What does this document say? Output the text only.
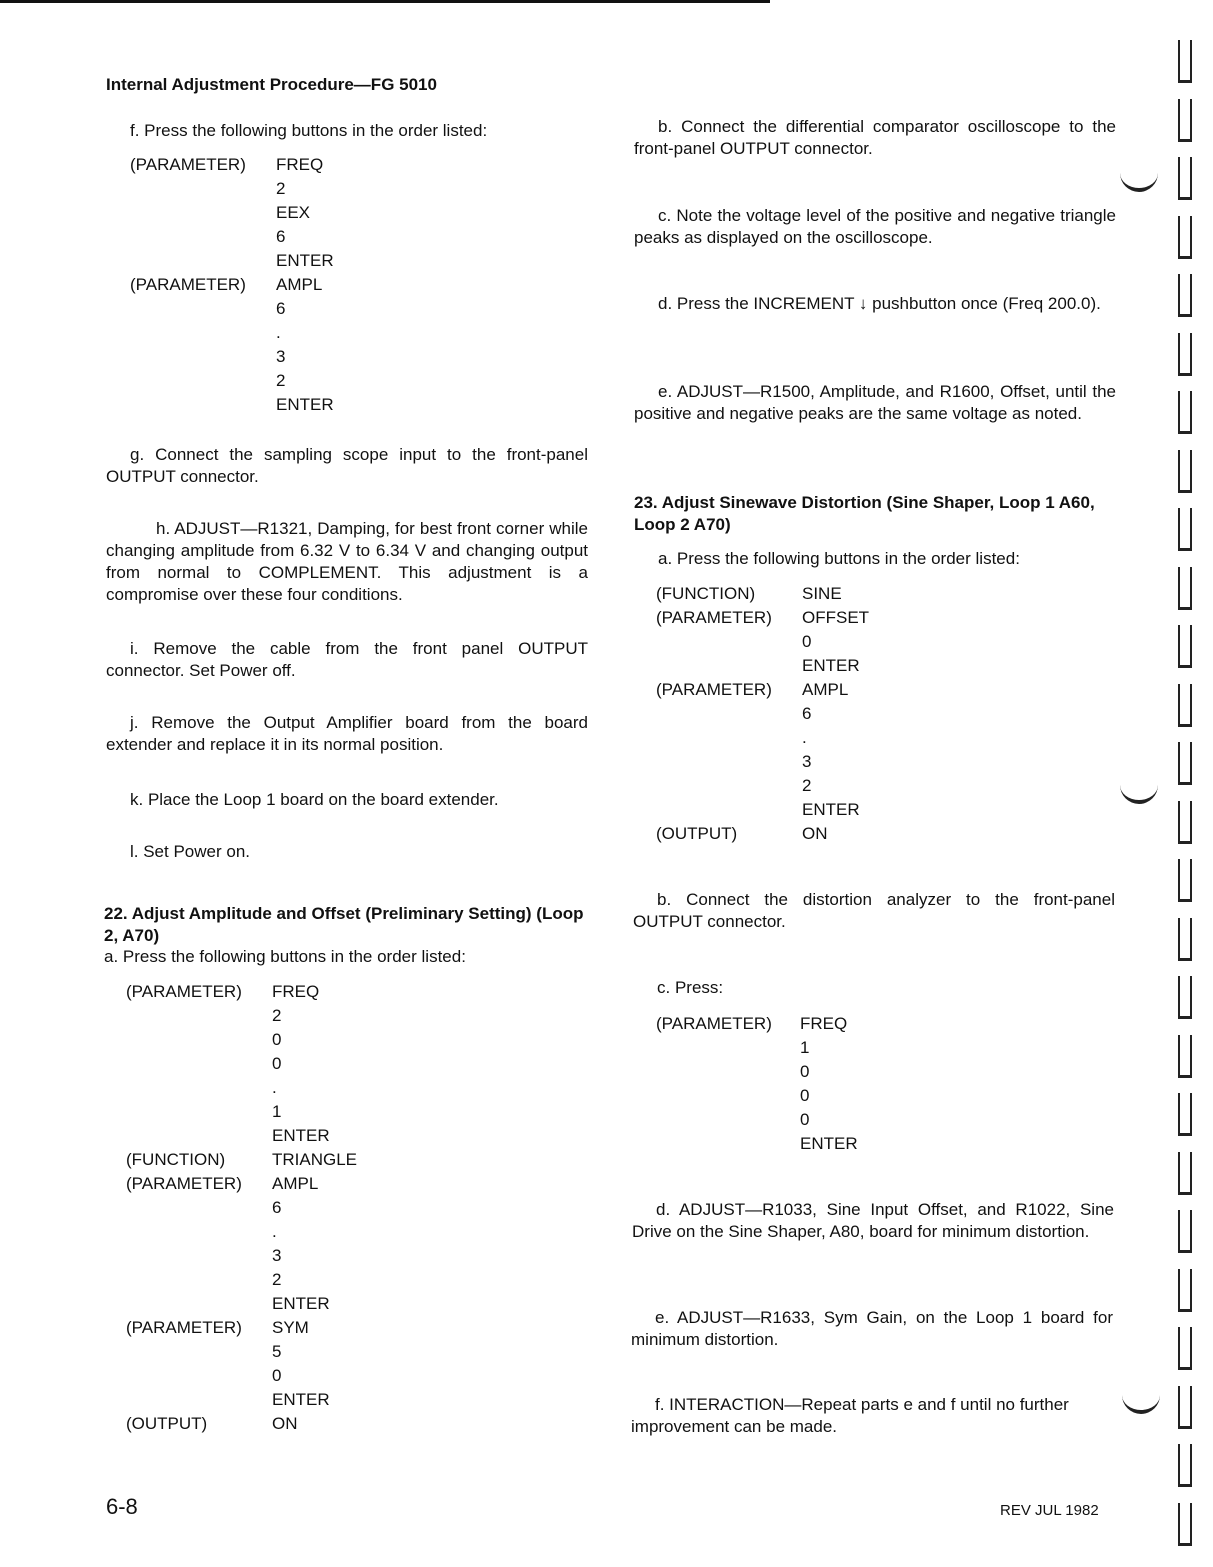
Internal Adjustment Procedure—FG 5010

f. Press the following buttons in the order listed:

(PARAMETER) FREQ
2
EEX
6
ENTER
(PARAMETER) AMPL
6
.
3
2
ENTER

g. Connect the sampling scope input to the front-panel OUTPUT connector.

h. ADJUST—R1321, Damping, for best front corner while changing amplitude from 6.32 V to 6.34 V and changing output from normal to COMPLEMENT. This adjustment is a compromise over these four conditions.

i. Remove the cable from the front panel OUTPUT connector. Set Power off.

j. Remove the Output Amplifier board from the board extender and replace it in its normal position.

k. Place the Loop 1 board on the board extender.

l. Set Power on.

22. Adjust Amplitude and Offset (Preliminary Setting) (Loop 2, A70)

a. Press the following buttons in the order listed:

(PARAMETER) FREQ
2
0
0
.
1
ENTER
(FUNCTION)	TRIANGLE
(PARAMETER) AMPL
6
.
3
2
ENTER
(PARAMETER) SYM
5
0
ENTER
(OUTPUT)	ON

b. Connect the differential comparator oscilloscope to the front-panel OUTPUT connector.

c. Note the voltage level of the positive and negative triangle peaks as displayed on the oscilloscope.

d. Press the INCREMENT ↓ pushbutton once (Freq 200.0).

e. ADJUST—R1500, Amplitude, and R1600, Offset, until the positive and negative peaks are the same voltage as noted.

23. Adjust Sinewave Distortion (Sine Shaper, Loop 1 A60, Loop 2 A70)

a. Press the following buttons in the order listed:

(FUNCTION)	SINE
(PARAMETER) OFFSET
0
ENTER
(PARAMETER) AMPL
6
.
3
2
ENTER
(OUTPUT)	ON

b. Connect the distortion analyzer to the front-panel OUTPUT connector.

c. Press:

(PARAMETER) FREQ
1
0
0
0
ENTER

d. ADJUST—R1033, Sine Input Offset, and R1022, Sine Drive on the Sine Shaper, A80, board for minimum distortion.

e. ADJUST—R1633, Sym Gain, on the Loop 1 board for minimum distortion.

f. INTERACTION—Repeat parts e and f until no further improvement can be made.

6-8	REV JUL 1982
